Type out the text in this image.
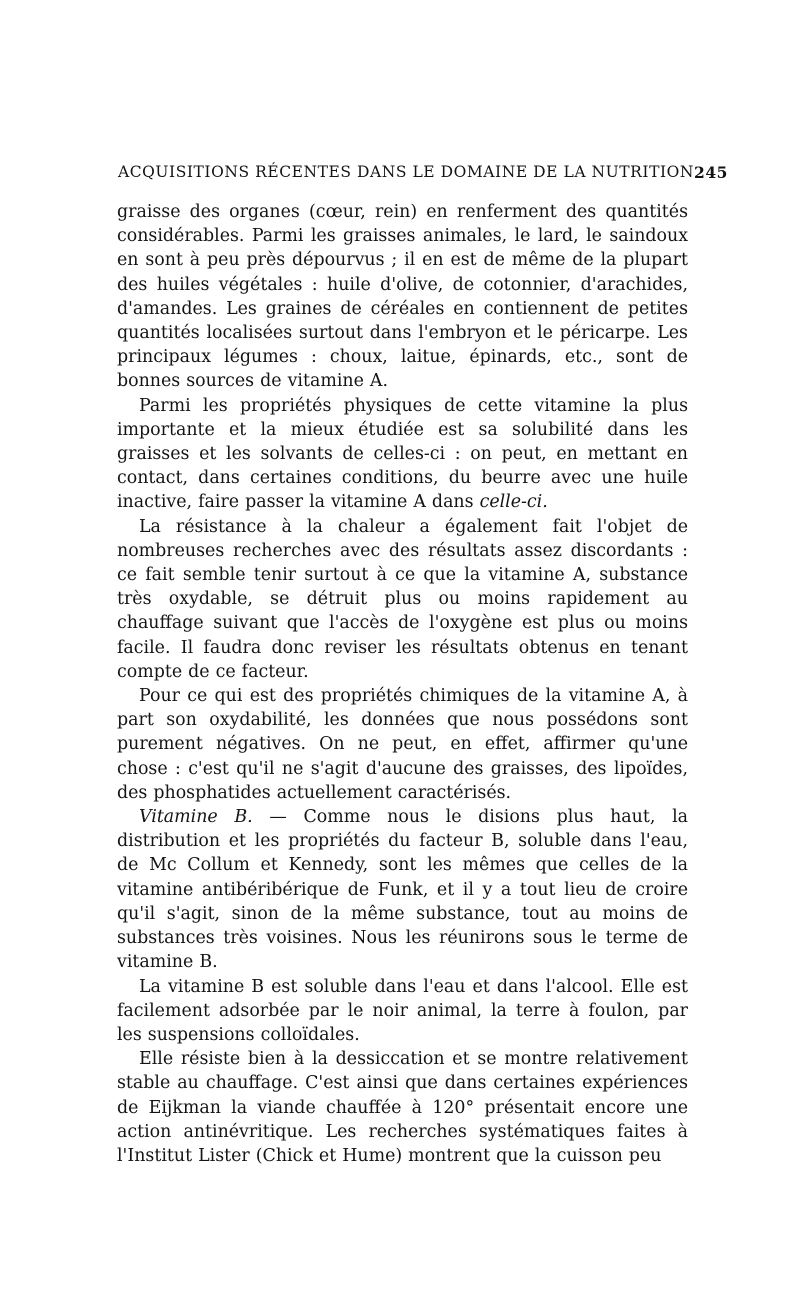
ACQUISITIONS RÉCENTES DANS LE DOMAINE DE LA NUTRITION 245

graisse des organes (cœur, rein) en renferment des quantités considérables. Parmi les graisses animales, le lard, le saindoux en sont à peu près dépourvus ; il en est de même de la plupart des huiles végétales : huile d'olive, de cotonnier, d'arachides, d'amandes. Les graines de céréales en contiennent de petites quantités localisées surtout dans l'embryon et le péricarpe. Les principaux légumes : choux, laitue, épinards, etc., sont de bonnes sources de vitamine A.

Parmi les propriétés physiques de cette vitamine la plus importante et la mieux étudiée est sa solubilité dans les graisses et les solvants de celles-ci : on peut, en mettant en contact, dans certaines conditions, du beurre avec une huile inactive, faire passer la vitamine A dans celle-ci.

La résistance à la chaleur a également fait l'objet de nombreuses recherches avec des résultats assez discordants : ce fait semble tenir surtout à ce que la vitamine A, substance très oxydable, se détruit plus ou moins rapidement au chauffage suivant que l'accès de l'oxygène est plus ou moins facile. Il faudra donc reviser les résultats obtenus en tenant compte de ce facteur.

Pour ce qui est des propriétés chimiques de la vitamine A, à part son oxydabilité, les données que nous possédons sont purement négatives. On ne peut, en effet, affirmer qu'une chose : c'est qu'il ne s'agit d'aucune des graisses, des lipoïdes, des phosphatides actuellement caractérisés.

Vitamine B. — Comme nous le disions plus haut, la distribution et les propriétés du facteur B, soluble dans l'eau, de Mc Collum et Kennedy, sont les mêmes que celles de la vitamine antibéribérique de Funk, et il y a tout lieu de croire qu'il s'agit, sinon de la même substance, tout au moins de substances très voisines. Nous les réunirons sous le terme de vitamine B.

La vitamine B est soluble dans l'eau et dans l'alcool. Elle est facilement adsorbée par le noir animal, la terre à foulon, par les suspensions colloïdales.

Elle résiste bien à la dessiccation et se montre relativement stable au chauffage. C'est ainsi que dans certaines expériences de Eijkman la viande chauffée à 120° présentait encore une action antinévritique. Les recherches systématiques faites à l'Institut Lister (Chick et Hume) montrent que la cuisson peu
